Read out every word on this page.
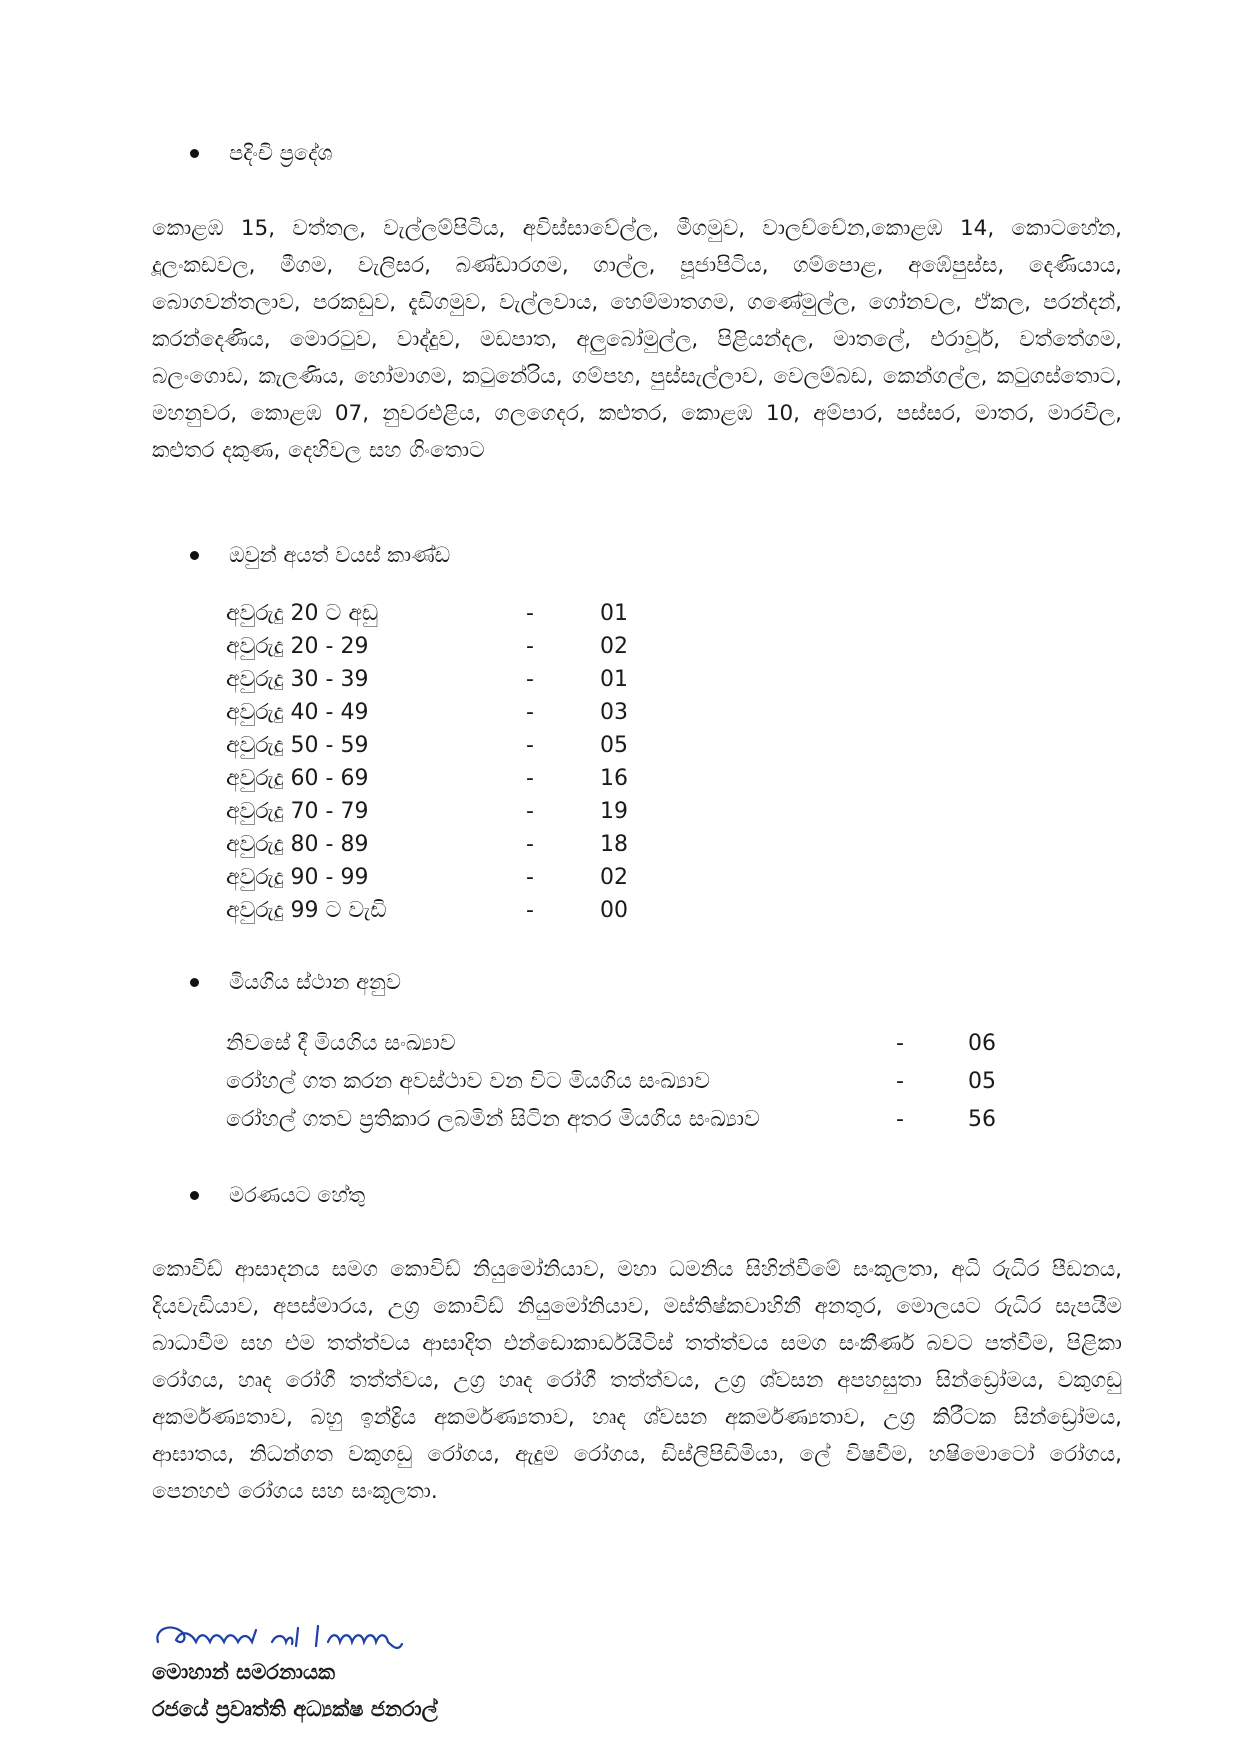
පදිංචි ප්‍රදේශ
කොළඹ 15, වත්තල, වැල්ලම්පිටිය, අවිස්සාවේල්ල, මීගමුව, වාලච්චේන,කොළඹ 14, කොටහේන, දූලංකඩවල, මීගම, වැලිසර, බණ්ඩාරගම, ගාල්ල, පූජාපිටිය, ගම්පොළ, අඹේපුස්ස, දෙණියාය, බොගවන්තලාව, පරකඩුව, දැඩිගමුව, වැල්ලවාය, හෙම්මාතගම, ගණේමුල්ල, ගෝනවල, ඒකල, පරන්දන්, කරන්දෙණිය, මොරටුව, වාද්දුව, මඩපාත, අලුබෝමුල්ල, පිළියන්දල, මාතලේ, එරාවූර්, වත්තේගම, බලංගොඩ, කැලණිය, හෝමාගම, කටුනේරිය, ගම්පහ, පුස්සැල්ලාව, වෙලම්බඩ, කෙන්ගල්ල, කටුගස්තොට, මහනුවර, කොළඹ 07, නුවරඑළිය, ගලගෙදර, කළුතර, කොළඹ 10, අම්පාර, පස්සර, මාතර, මාරවිල, කළුතර දකුණ, දෙහිවල සහ ගිංතොට
ඔවුන් අයත් වයස් කාණ්ඩ
අවුරුදු 20 ට අඩු	-	01
අවුරුදු 20 - 29	-	02
අවුරුදු 30 - 39	-	01
අවුරුදු 40 - 49	-	03
අවුරුදු 50 - 59	-	05
අවුරුදු 60 - 69	-	16
අවුරුදු 70 - 79	-	19
අවුරුදු 80 - 89	-	18
අවුරුදු 90 - 99	-	02
අවුරුදු 99 ට වැඩි	-	00
මියගිය ස්ථාන අනුව
නිවසේ දී මියගිය සංඛ්‍යාව	-	06
රෝහල් ගත කරන අවස්ථාව වන විට මියගිය සංඛ්‍යාව	-	05
රෝහල් ගතව ප්‍රතිකාර ලබමින් සිටින අතර මියගිය සංඛ්‍යාව	-	56
මරණයට හේතු
කොවිඩ් ආසාදනය සමග කොවිඩ් නියුමෝනියාව, මහා ධමනිය සිහින්වීමේ සංකූලතා, අධි රුධිර පීඩනය, දියවැඩියාව, අපස්මාරය, උග්‍ර කොවිඩ් නියුමෝනියාව, මස්තිෂ්කවාහිනී අනතුර, මොලයට රුධිර සැපයීම බාධාවීම සහ එම තත්ත්වය ආසාදිත එන්ඩොකාර්ඩයිටිස් තත්ත්වය සමග සංකීර්ණ බවට පත්වීම, පිළිකා රෝගය, හෘද රෝගී තත්ත්වය, උග්‍ර හෘද රෝගී තත්ත්වය, උග්‍ර ශ්වසන අපහසුතා සින්ඩ්‍රෝමය, වකුගඩු අකර්මණ්‍යතාව, බහු ඉන්ද්‍රිය අකර්මණ්‍යතාව, හෘද ශ්වසන අකර්මණ්‍යතාව, උග්‍ර කිරීටක සින්ඩ්‍රෝමය, ආඝාතය, නිධන්ගත වකුගඩු රෝගය, ඇදුම රෝගය, ඩිස්ලිපිඩිමියා, ලේ විෂවීම, හෂිමොටෝ රෝගය, පෙනහළු රෝගය සහ සංකූලතා.
මොහාන් සමරනායක
රජයේ ප්‍රවෘත්ති අධ්‍යක්ෂ ජනරාල්
